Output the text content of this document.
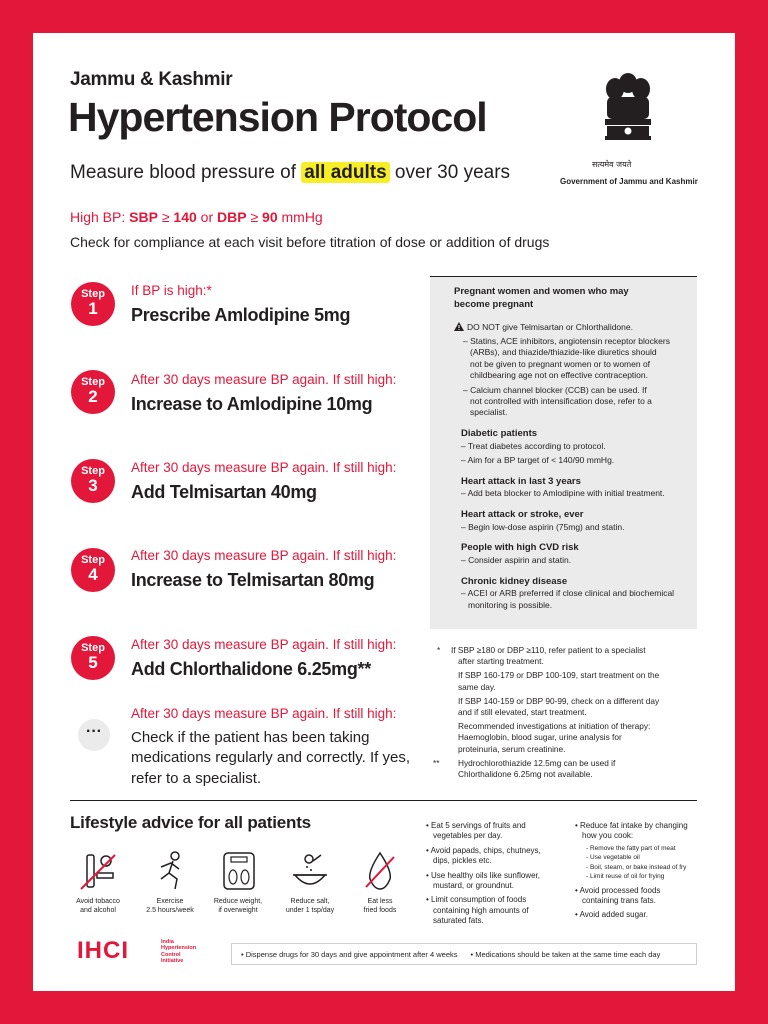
Jammu & Kashmir
Hypertension Protocol
Measure blood pressure of all adults over 30 years	सत्यमेव जयते
Government of Jammu and Kashmir
High BP: SBP ≥ 140 or DBP ≥ 90 mmHg
Check for compliance at each visit before titration of dose or addition of drugs
Step
1
If BP is high:*
Prescribe Amlodipine 5mg
Step
2
After 30 days measure BP again. If still high:
Increase to Amlodipine 10mg
Step
3
After 30 days measure BP again. If still high:
Add Telmisartan 40mg
Step
4
After 30 days measure BP again. If still high:
Increase to Telmisartan 80mg
Step
5
After 30 days measure BP again. If still high:
Add Chlorthalidone 6.25mg**
···
After 30 days measure BP again. If still high:
Check if the patient has been taking
medications regularly and correctly. If yes,
refer to a specialist.
Pregnant women and women who may
become pregnant
DO NOT give Telmisartan or Chlorthalidone.
– Statins, ACE inhibitors, angiotensin receptor blockers
(ARBs), and thiazide/thiazide-like diuretics should
not be given to pregnant women or to women of
childbearing age not on effective contraception.
– Calcium channel blocker (CCB) can be used. If
not controlled with intensification dose, refer to a
specialist.
Diabetic patients
– Treat diabetes according to protocol.
– Aim for a BP target of < 140/90 mmHg.
Heart attack in last 3 years
– Add beta blocker to Amlodipine with initial treatment.
Heart attack or stroke, ever
– Begin low-dose aspirin (75mg) and statin.
People with high CVD risk
– Consider aspirin and statin.
Chronic kidney disease
– ACEI or ARB preferred if close clinical and biochemical
monitoring is possible.
* If SBP ≥180 or DBP ≥110, refer patient to a specialist
after starting treatment.
If SBP 160-179 or DBP 100-109, start treatment on the
same day.
If SBP 140-159 or DBP 90-99, check on a different day
and if still elevated, start treatment.
Recommended investigations at initiation of therapy:
Haemoglobin, blood sugar, urine analysis for
proteinuria, serum creatinine.
**	Hydrochlorothiazide 12.5mg can be used if
Chlorthalidone 6.25mg not available.
Lifestyle advice for all patients
Avoid tobacco
and alcohol
Exercise
2.5 hours/week
Reduce weight,
if overweight
Reduce salt,
under 1 tsp/day
Eat less
fried foods
• Eat 5 servings of fruits and
vegetables per day.
• Avoid papads, chips, chutneys,
dips, pickles etc.
• Use healthy oils like sunflower,
mustard, or groundnut.
• Limit consumption of foods
containing high amounts of
saturated fats.
• Reduce fat intake by changing
how you cook:
- Remove the fatty part of meat
- Use vegetable oil
- Boil, steam, or bake instead of fry
- Limit reuse of oil for frying
• Avoid processed foods
containing trans fats.
• Avoid added sugar.
IHCI	India
Hypertension
Control
Initiative
• Dispense drugs for 30 days and give appointment after 4 weeks • Medications should be taken at the same time each day
